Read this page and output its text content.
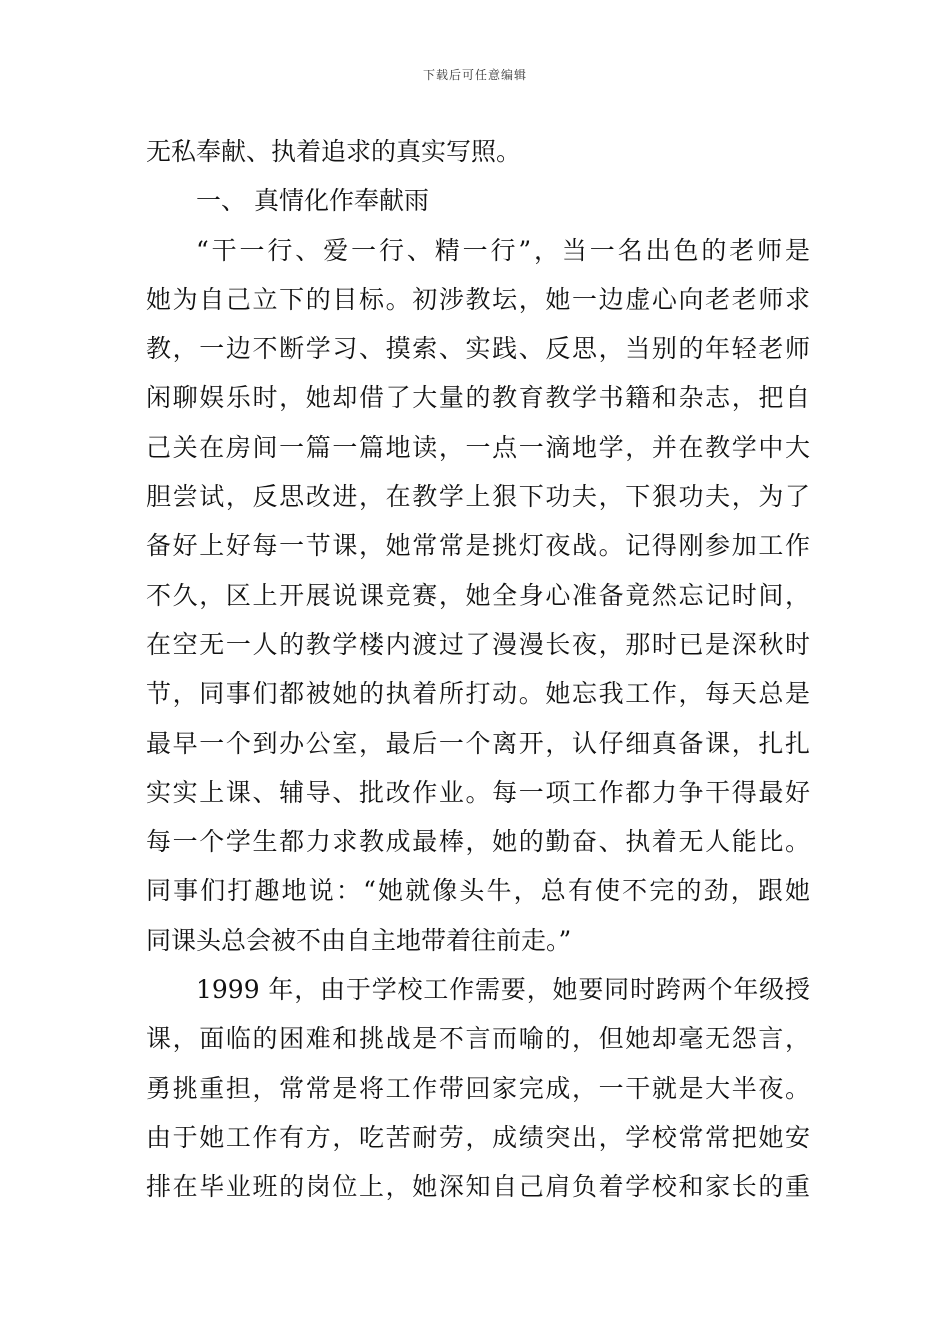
下载后可任意编辑
无私奉献、执着追求的真实写照。
一、 真情化作奉献雨
“干一行、爱一行、精一行”，当一名出色的老师是
她为自己立下的目标。初涉教坛，她一边虚心向老老师求
教，一边不断学习、摸索、实践、反思，当别的年轻老师
闲聊娱乐时，她却借了大量的教育教学书籍和杂志，把自
己关在房间一篇一篇地读，一点一滴地学，并在教学中大
胆尝试，反思改进，在教学上狠下功夫，下狠功夫，为了
备好上好每一节课，她常常是挑灯夜战。记得刚参加工作
不久，区上开展说课竞赛，她全身心准备竟然忘记时间，
在空无一人的教学楼内渡过了漫漫长夜，那时已是深秋时
节，同事们都被她的执着所打动。她忘我工作，每天总是
最早一个到办公室，最后一个离开，认仔细真备课，扎扎
实实上课、辅导、批改作业。每一项工作都力争干得最好
每一个学生都力求教成最棒，她的勤奋、执着无人能比。
同事们打趣地说：“她就像头牛，总有使不完的劲，跟她
同课头总会被不由自主地带着往前走。”
1999 年，由于学校工作需要，她要同时跨两个年级授
课，面临的困难和挑战是不言而喻的，但她却毫无怨言，
勇挑重担，常常是将工作带回家完成，一干就是大半夜。
由于她工作有方，吃苦耐劳，成绩突出，学校常常把她安
排在毕业班的岗位上，她深知自己肩负着学校和家长的重
